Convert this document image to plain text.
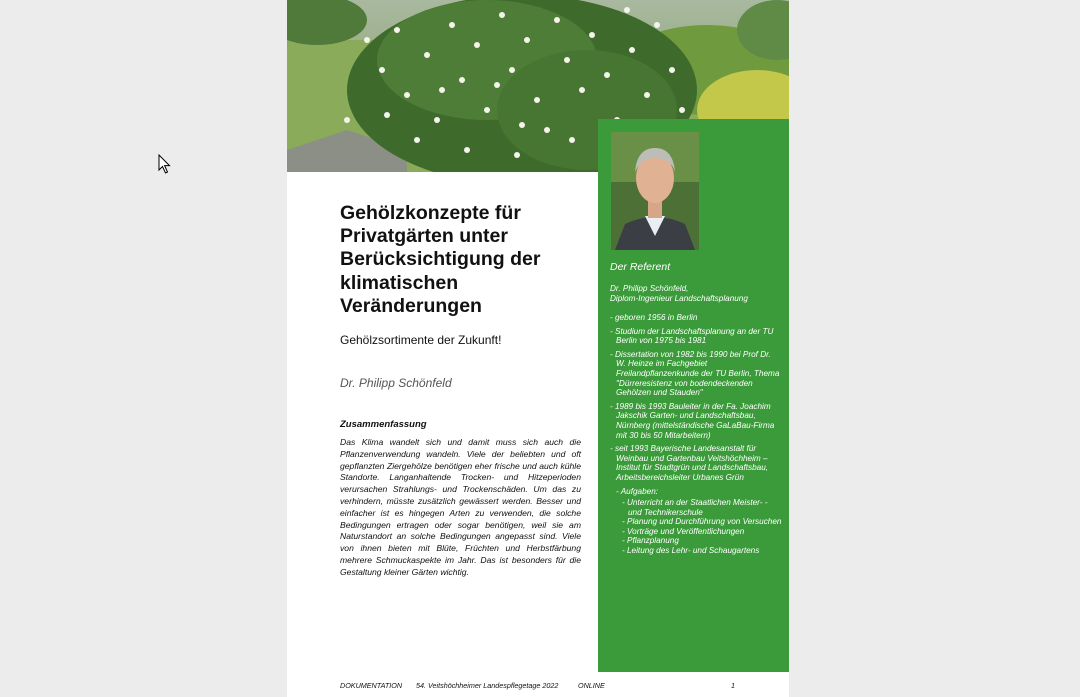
Gehölzkonzepte für Privatgärten unter Berücksichtigung der klimatischen Veränderungen
Gehölzsortimente der Zukunft!
Dr. Philipp Schönfeld
Zusammenfassung
Das Klima wandelt sich und damit muss sich auch die Pflanzenverwendung wandeln. Viele der beliebten und oft gepflanzten Ziergehölze benötigen eher frische und auch kühle Standorte. Langanhaltende Trocken- und Hitzeperioden verursachen Strahlungs- und Trockenschäden. Um das zu verhindern, müsste zusätzlich gewässert werden. Besser und einfacher ist es hingegen Arten zu verwenden, die solche Bedingungen ertragen oder sogar benötigen, weil sie am Naturstandort an solche Bedingungen angepasst sind. Viele von ihnen bieten mit Blüte, Früchten und Herbstfärbung mehrere Schmuckaspekte im Jahr. Das ist besonders für die Gestaltung kleiner Gärten wichtig.
Der Referent
Dr. Philipp Schönfeld,
Diplom-Ingenieur Landschaftsplanung
- geboren 1956 in Berlin
- Studium der Landschaftsplanung an der TU Berlin von 1975 bis 1981
- Dissertation von 1982 bis 1990 bei Prof Dr. W. Heinze im Fachgebiet Freilandpflanzenkunde der TU Berlin, Thema "Dürreresistenz von bodendeckenden Gehölzen und Stauden"
- 1989 bis 1993 Bauleiter in der Fa. Joachim Jakschik Garten- und Landschaftsbau, Nürnberg (mittelständische GaLaBau-Firma mit 30 bis 50 Mitarbeitern)
- seit 1993 Bayerische Landesanstalt für Weinbau und Gartenbau Veitshöchheim – Institut für Stadtgrün und Landschaftsbau, Arbeitsbereichsleiter Urbanes Grün
- Aufgaben:
- Unterricht an der Staatlichen Meister- - und Technikerschule
- Planung und Durchführung von Versuchen
- Vorträge und Veröffentlichungen
- Pflanzplanung
- Leitung des Lehr- und Schaugartens
DOKUMENTATION 54. Veitshöchheimer Landespflegetage 2022	ONLINE	1
